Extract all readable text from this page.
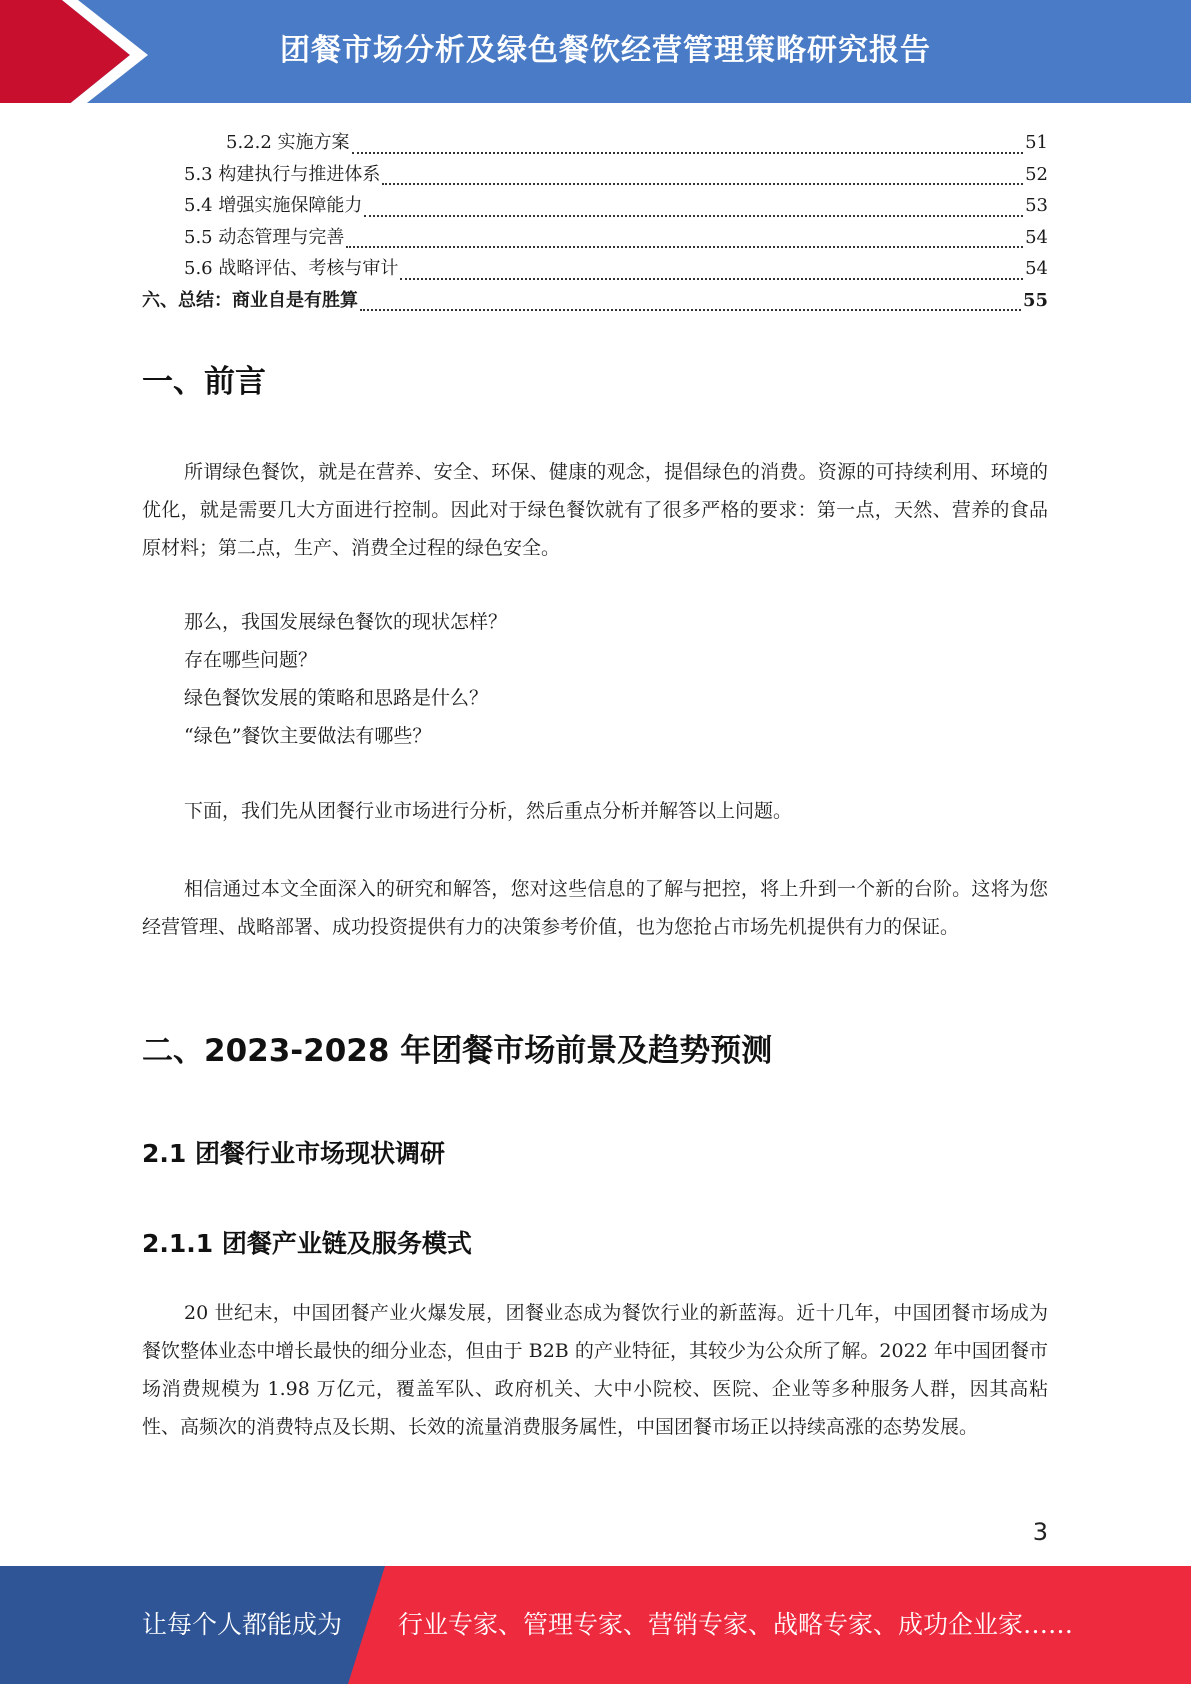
团餐市场分析及绿色餐饮经营管理策略研究报告
5.2.2 实施方案	51
5.3 构建执行与推进体系	52
5.4 增强实施保障能力	53
5.5 动态管理与完善	54
5.6 战略评估、考核与审计	54
六、总结：商业自是有胜算	55
一、前言

所谓绿色餐饮，就是在营养、安全、环保、健康的观念，提倡绿色的消费。资源的可持续利用、环境的优化，就是需要几大方面进行控制。因此对于绿色餐饮就有了很多严格的要求：第一点，天然、营养的食品原材料；第二点，生产、消费全过程的绿色安全。

那么，我国发展绿色餐饮的现状怎样？
存在哪些问题？
绿色餐饮发展的策略和思路是什么？
“绿色”餐饮主要做法有哪些？

下面，我们先从团餐行业市场进行分析，然后重点分析并解答以上问题。

相信通过本文全面深入的研究和解答，您对这些信息的了解与把控，将上升到一个新的台阶。这将为您经营管理、战略部署、成功投资提供有力的决策参考价值，也为您抢占市场先机提供有力的保证。

二、2023-2028 年团餐市场前景及趋势预测
2.1 团餐行业市场现状调研
2.1.1 团餐产业链及服务模式

20 世纪末，中国团餐产业火爆发展，团餐业态成为餐饮行业的新蓝海。近十几年，中国团餐市场成为餐饮整体业态中增长最快的细分业态，但由于 B2B 的产业特征，其较少为公众所了解。2022 年中国团餐市场消费规模为 1.98 万亿元，覆盖军队、政府机关、大中小院校、医院、企业等多种服务人群，因其高粘性、高频次的消费特点及长期、长效的流量消费服务属性，中国团餐市场正以持续高涨的态势发展。

3
让每个人都能成为 行业专家、管理专家、营销专家、战略专家、成功企业家……
